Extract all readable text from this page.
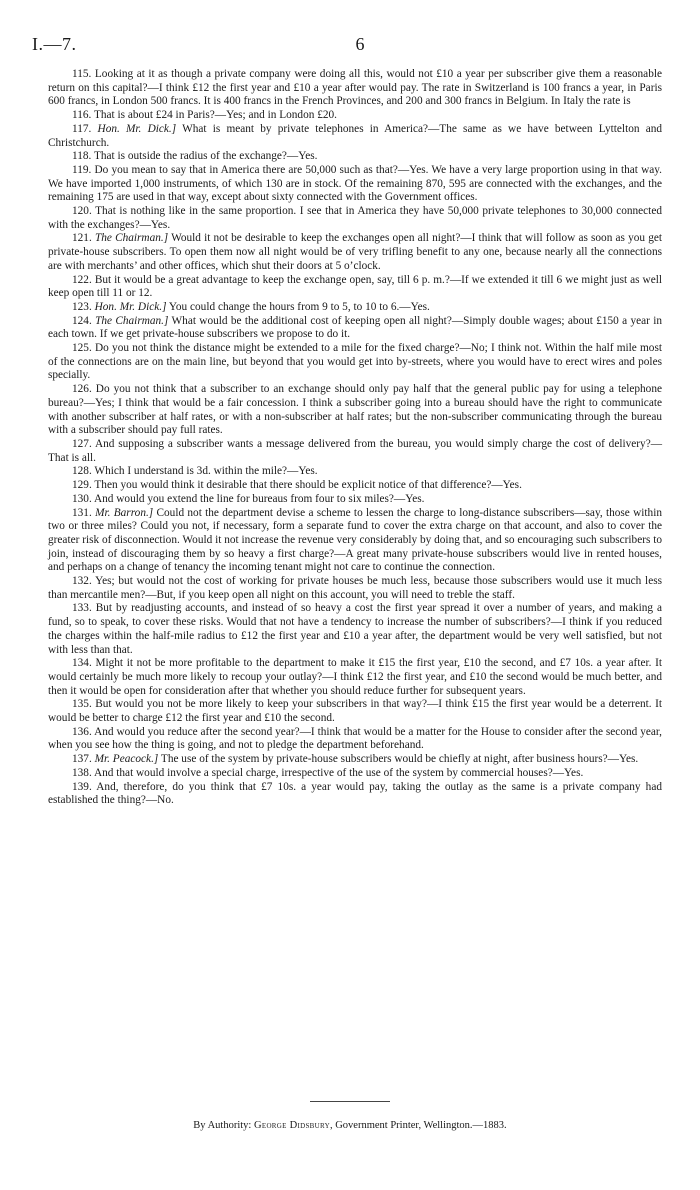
I.—7.	6

115. Looking at it as though a private company were doing all this, would not £10 a year per subscriber give them a reasonable return on this capital?—I think £12 the first year and £10 a year after would pay. The rate in Switzerland is 100 francs a year, in Paris 600 francs, in London 500 francs. It is 400 francs in the French Provinces, and 200 and 300 francs in Belgium. In Italy the rate is

116. That is about £24 in Paris?—Yes; and in London £20.

117. Hon. Mr. Dick.] What is meant by private telephones in America?—The same as we have between Lyttelton and Christchurch.

118. That is outside the radius of the exchange?—Yes.

119. Do you mean to say that in America there are 50,000 such as that?—Yes. We have a very large proportion using in that way. We have imported 1,000 instruments, of which 130 are in stock. Of the remaining 870, 595 are connected with the exchanges, and the remaining 175 are used in that way, except about sixty connected with the Government offices.

120. That is nothing like in the same proportion. I see that in America they have 50,000 private telephones to 30,000 connected with the exchanges?—Yes.

121. The Chairman.] Would it not be desirable to keep the exchanges open all night?—I think that will follow as soon as you get private-house subscribers. To open them now all night would be of very trifling benefit to any one, because nearly all the connections are with merchants’ and other offices, which shut their doors at 5 o’clock.

122. But it would be a great advantage to keep the exchange open, say, till 6 p. m.?—If we extended it till 6 we might just as well keep open till 11 or 12.

123. Hon. Mr. Dick.] You could change the hours from 9 to 5, to 10 to 6.—Yes.

124. The Chairman.] What would be the additional cost of keeping open all night?—Simply double wages; about £150 a year in each town. If we get private-house subscribers we propose to do it.

125. Do you not think the distance might be extended to a mile for the fixed charge?—No; I think not. Within the half mile most of the connections are on the main line, but beyond that you would get into by-streets, where you would have to erect wires and poles specially.

126. Do you not think that a subscriber to an exchange should only pay half that the general public pay for using a telephone bureau?—Yes; I think that would be a fair concession. I think a subscriber going into a bureau should have the right to communicate with another subscriber at half rates, or with a non-subscriber at half rates; but the non-subscriber communicating through the bureau with a subscriber should pay full rates.

127. And supposing a subscriber wants a message delivered from the bureau, you would simply charge the cost of delivery?—That is all.

128. Which I understand is 3d. within the mile?—Yes.

129. Then you would think it desirable that there should be explicit notice of that difference?—Yes.

130. And would you extend the line for bureaus from four to six miles?—Yes.

131. Mr. Barron.] Could not the department devise a scheme to lessen the charge to long-distance subscribers—say, those within two or three miles? Could you not, if necessary, form a separate fund to cover the extra charge on that account, and also to cover the greater risk of disconnection. Would it not increase the revenue very considerably by doing that, and so encouraging such subscribers to join, instead of discouraging them by so heavy a first charge?—A great many private-house subscribers would live in rented houses, and perhaps on a change of tenancy the incoming tenant might not care to continue the connection.

132. Yes; but would not the cost of working for private houses be much less, because those subscribers would use it much less than mercantile men?—But, if you keep open all night on this account, you will need to treble the staff.

133. But by readjusting accounts, and instead of so heavy a cost the first year spread it over a number of years, and making a fund, so to speak, to cover these risks. Would that not have a tendency to increase the number of subscribers?—I think if you reduced the charges within the half-mile radius to £12 the first year and £10 a year after, the department would be very well satisfied, but not with less than that.

134. Might it not be more profitable to the department to make it £15 the first year, £10 the second, and £7 10s. a year after. It would certainly be much more likely to recoup your outlay?—I think £12 the first year, and £10 the second would be much better, and then it would be open for consideration after that whether you should reduce further for subsequent years.

135. But would you not be more likely to keep your subscribers in that way?—I think £15 the first year would be a deterrent. It would be better to charge £12 the first year and £10 the second.

136. And would you reduce after the second year?—I think that would be a matter for the House to consider after the second year, when you see how the thing is going, and not to pledge the department beforehand.

137. Mr. Peacock.] The use of the system by private-house subscribers would be chiefly at night, after business hours?—Yes.

138. And that would involve a special charge, irrespective of the use of the system by commercial houses?—Yes.

139. And, therefore, do you think that £7 10s. a year would pay, taking the outlay as the same is a private company had established the thing?—No.

By Authority: George Didsbury, Government Printer, Wellington.—1883.
